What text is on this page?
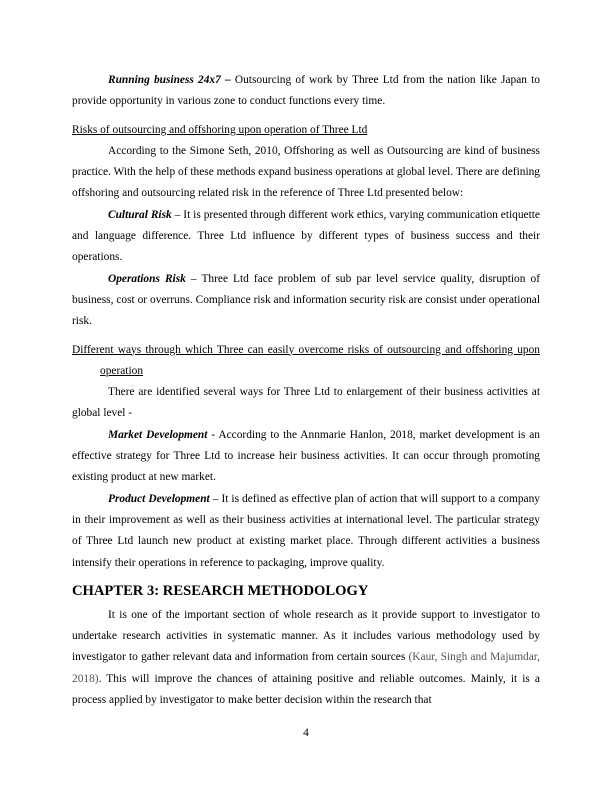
Running business 24x7 – Outsourcing of work by Three Ltd from the nation like Japan to provide opportunity in various zone to conduct functions every time.

Risks of outsourcing and offshoring upon operation of Three Ltd

According to the Simone Seth, 2010, Offshoring as well as Outsourcing are kind of business practice. With the help of these methods expand business operations at global level. There are defining offshoring and outsourcing related risk in the reference of Three Ltd presented below:

Cultural Risk – It is presented through different work ethics, varying communication etiquette and language difference. Three Ltd influence by different types of business success and their operations.

Operations Risk – Three Ltd face problem of sub par level service quality, disruption of business, cost or overruns. Compliance risk and information security risk are consist under operational risk.

Different ways through which Three can easily overcome risks of outsourcing and offshoring upon operation

There are identified several ways for Three Ltd to enlargement of their business activities at global level -

Market Development - According to the Annmarie Hanlon, 2018, market development is an effective strategy for Three Ltd to increase heir business activities. It can occur through promoting existing product at new market.

Product Development – It is defined as effective plan of action that will support to a company in their improvement as well as their business activities at international level. The particular strategy of Three Ltd launch new product at existing market place. Through different activities a business intensify their operations in reference to packaging, improve quality.

CHAPTER 3: RESEARCH METHODOLOGY

It is one of the important section of whole research as it provide support to investigator to undertake research activities in systematic manner. As it includes various methodology used by investigator to gather relevant data and information from certain sources (Kaur, Singh and Majumdar, 2018). This will improve the chances of attaining positive and reliable outcomes. Mainly, it is a process applied by investigator to make better decision within the research that

4
